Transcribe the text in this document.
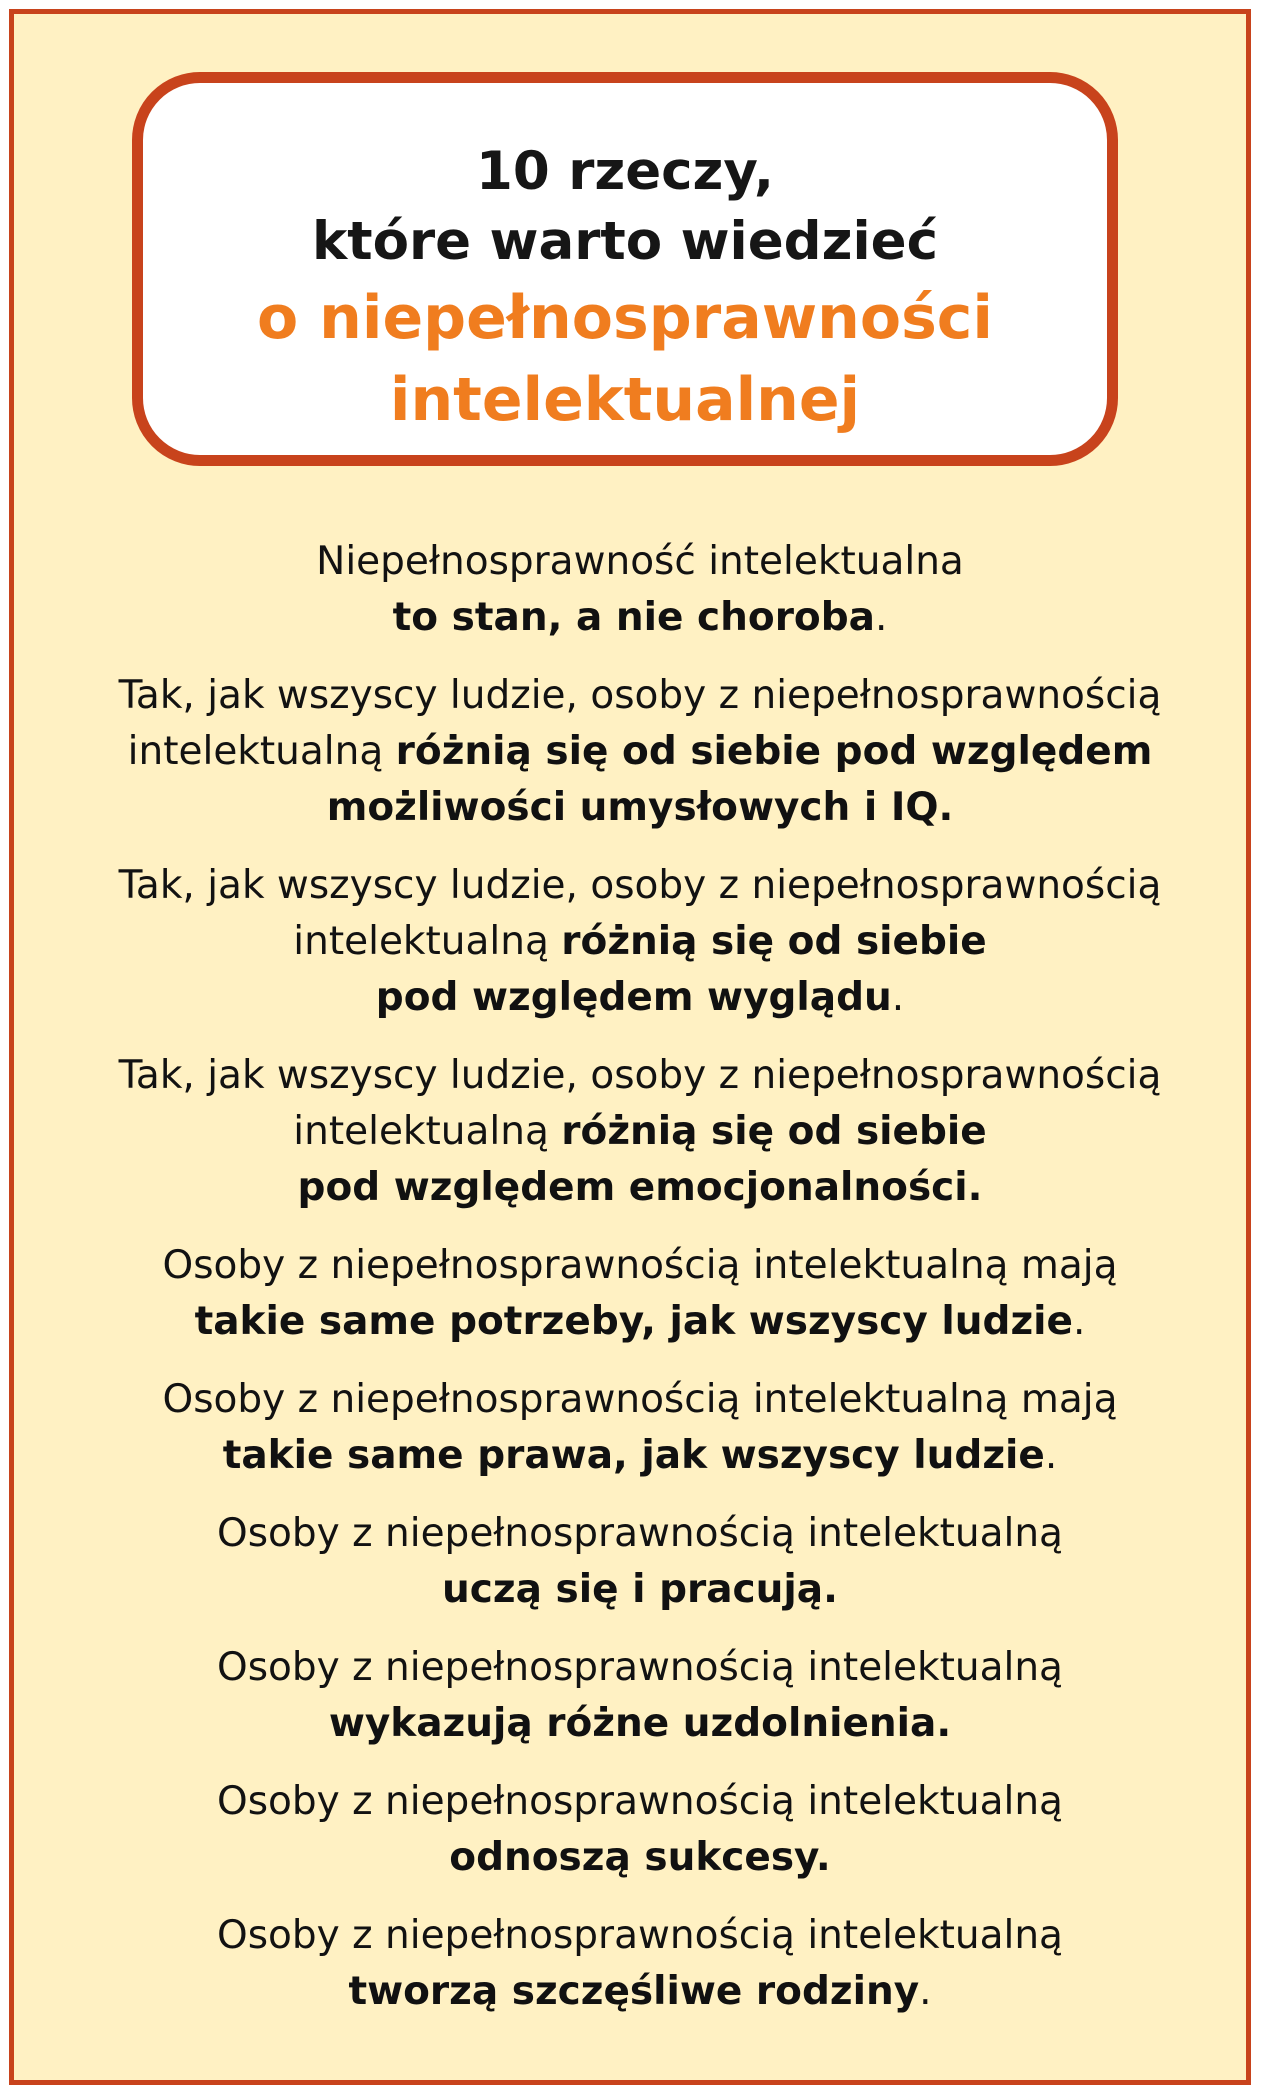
10 rzeczy,
które warto wiedzieć
o niepełnosprawności
intelektualnej
Niepełnosprawność intelektualna
to stan, a nie choroba.
Tak, jak wszyscy ludzie, osoby z niepełnosprawnością
intelektualną różnią się od siebie pod względem
możliwości umysłowych i IQ.
Tak, jak wszyscy ludzie, osoby z niepełnosprawnością
intelektualną różnią się od siebie
pod względem wyglądu.
Tak, jak wszyscy ludzie, osoby z niepełnosprawnością
intelektualną różnią się od siebie
pod względem emocjonalności.
Osoby z niepełnosprawnością intelektualną mają
takie same potrzeby, jak wszyscy ludzie.
Osoby z niepełnosprawnością intelektualną mają
takie same prawa, jak wszyscy ludzie.
Osoby z niepełnosprawnością intelektualną
uczą się i pracują.
Osoby z niepełnosprawnością intelektualną
wykazują różne uzdolnienia.
Osoby z niepełnosprawnością intelektualną
odnoszą sukcesy.
Osoby z niepełnosprawnością intelektualną
tworzą szczęśliwe rodziny.
